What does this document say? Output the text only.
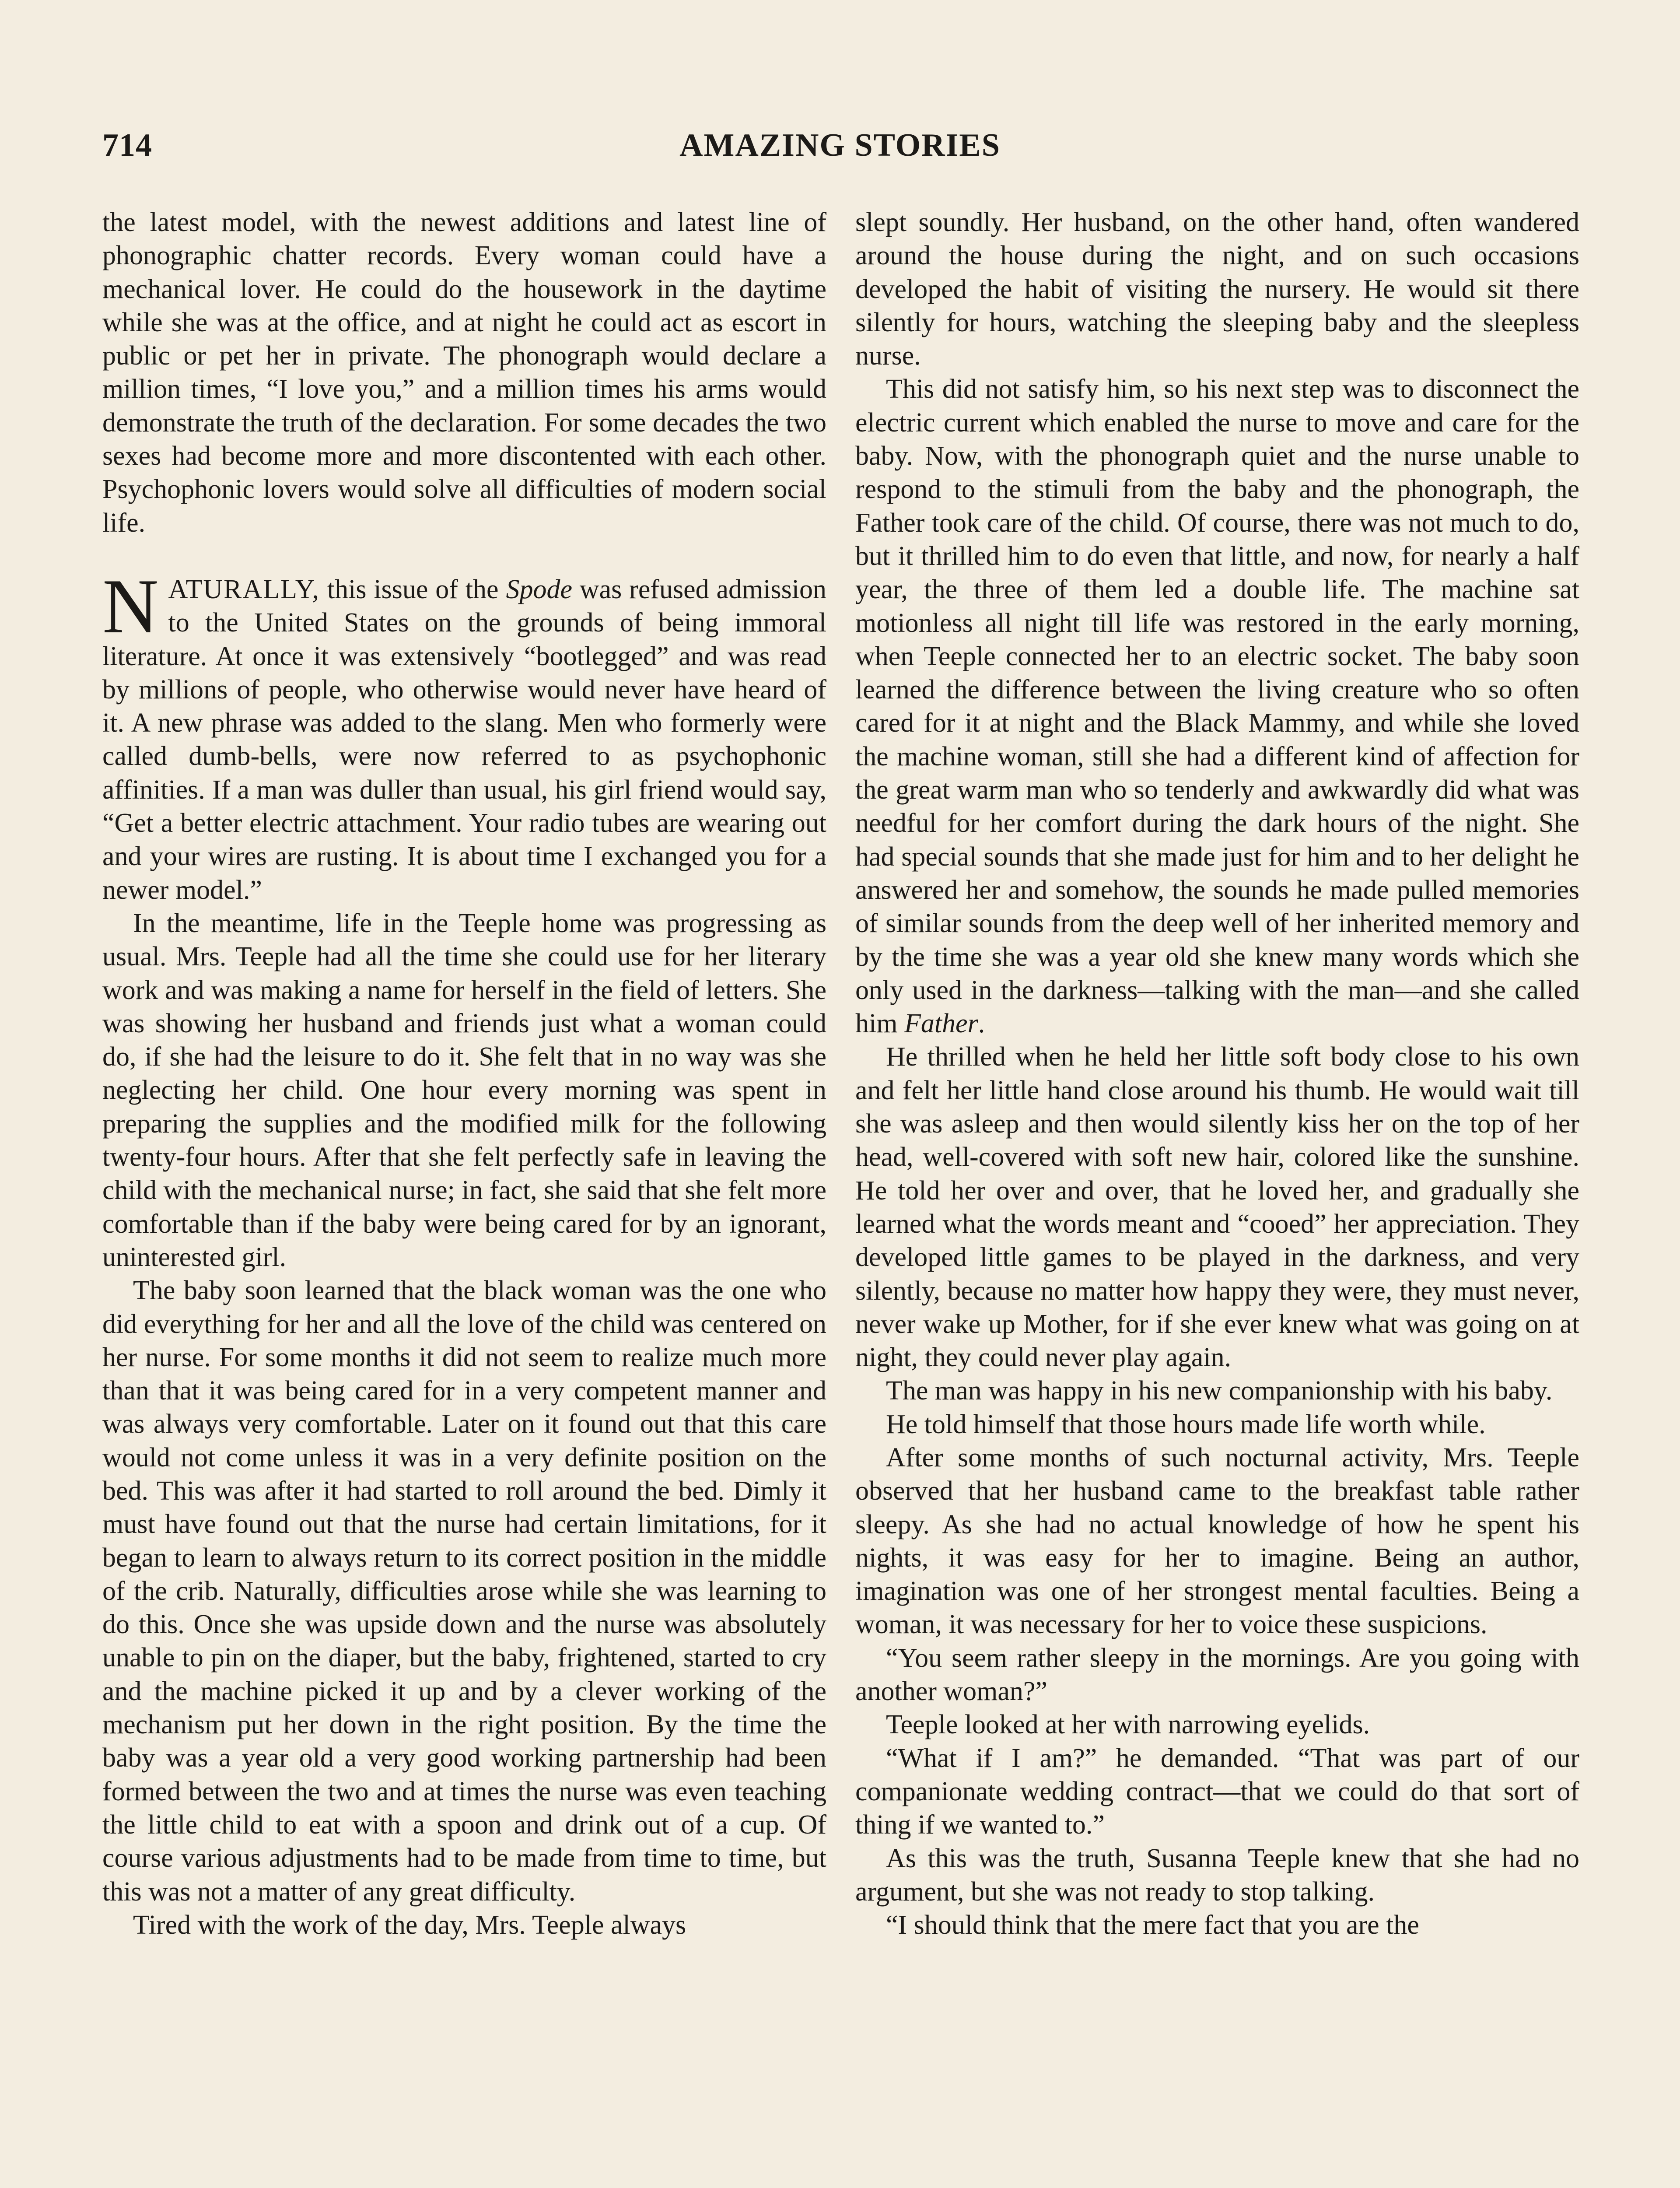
714	AMAZING STORIES

the latest model, with the newest additions and latest line of phonographic chatter records. Every woman could have a mechanical lover. He could do the housework in the daytime while she was at the office, and at night he could act as escort in public or pet her in private. The phonograph would declare a million times, “I love you,” and a million times his arms would demonstrate the truth of the declaration. For some decades the two sexes had become more and more discontented with each other. Psychophonic lovers would solve all difficulties of modern social life.

NATURALLY, this issue of the Spode was refused admission to the United States on the grounds of being immoral literature. At once it was extensively “bootlegged” and was read by millions of people, who otherwise would never have heard of it. A new phrase was added to the slang. Men who formerly were called dumb-bells, were now referred to as psychophonic affinities. If a man was duller than usual, his girl friend would say, “Get a better electric attachment. Your radio tubes are wearing out and your wires are rusting. It is about time I exchanged you for a newer model.”

In the meantime, life in the Teeple home was progressing as usual. Mrs. Teeple had all the time she could use for her literary work and was making a name for herself in the field of letters. She was showing her husband and friends just what a woman could do, if she had the leisure to do it. She felt that in no way was she neglecting her child. One hour every morning was spent in preparing the supplies and the modified milk for the following twenty-four hours. After that she felt perfectly safe in leaving the child with the mechanical nurse; in fact, she said that she felt more comfortable than if the baby were being cared for by an ignorant, uninterested girl.

The baby soon learned that the black woman was the one who did everything for her and all the love of the child was centered on her nurse. For some months it did not seem to realize much more than that it was being cared for in a very competent manner and was always very comfortable. Later on it found out that this care would not come unless it was in a very definite position on the bed. This was after it had started to roll around the bed. Dimly it must have found out that the nurse had certain limitations, for it began to learn to always return to its correct position in the middle of the crib. Naturally, difficulties arose while she was learning to do this. Once she was upside down and the nurse was absolutely unable to pin on the diaper, but the baby, frightened, started to cry and the machine picked it up and by a clever working of the mechanism put her down in the right position. By the time the baby was a year old a very good working partnership had been formed between the two and at times the nurse was even teaching the little child to eat with a spoon and drink out of a cup. Of course various adjustments had to be made from time to time, but this was not a matter of any great difficulty.

Tired with the work of the day, Mrs. Teeple always

slept soundly. Her husband, on the other hand, often wandered around the house during the night, and on such occasions developed the habit of visiting the nursery. He would sit there silently for hours, watching the sleeping baby and the sleepless nurse.

This did not satisfy him, so his next step was to disconnect the electric current which enabled the nurse to move and care for the baby. Now, with the phonograph quiet and the nurse unable to respond to the stimuli from the baby and the phonograph, the Father took care of the child. Of course, there was not much to do, but it thrilled him to do even that little, and now, for nearly a half year, the three of them led a double life. The machine sat motionless all night till life was restored in the early morning, when Teeple connected her to an electric socket. The baby soon learned the difference between the living creature who so often cared for it at night and the Black Mammy, and while she loved the machine woman, still she had a different kind of affection for the great warm man who so tenderly and awkwardly did what was needful for her comfort during the dark hours of the night. She had special sounds that she made just for him and to her delight he answered her and somehow, the sounds he made pulled memories of similar sounds from the deep well of her inherited memory and by the time she was a year old she knew many words which she only used in the darkness—talking with the man—and she called him Father.

He thrilled when he held her little soft body close to his own and felt her little hand close around his thumb. He would wait till she was asleep and then would silently kiss her on the top of her head, well-covered with soft new hair, colored like the sunshine. He told her over and over, that he loved her, and gradually she learned what the words meant and “cooed” her appreciation. They developed little games to be played in the darkness, and very silently, because no matter how happy they were, they must never, never wake up Mother, for if she ever knew what was going on at night, they could never play again.

The man was happy in his new companionship with his baby.

He told himself that those hours made life worth while.

After some months of such nocturnal activity, Mrs. Teeple observed that her husband came to the breakfast table rather sleepy. As she had no actual knowledge of how he spent his nights, it was easy for her to imagine. Being an author, imagination was one of her strongest mental faculties. Being a woman, it was necessary for her to voice these suspicions.

“You seem rather sleepy in the mornings. Are you going with another woman?”

Teeple looked at her with narrowing eyelids.

“What if I am?” he demanded. “That was part of our companionate wedding contract—that we could do that sort of thing if we wanted to.”

As this was the truth, Susanna Teeple knew that she had no argument, but she was not ready to stop talking.

“I should think that the mere fact that you are the
